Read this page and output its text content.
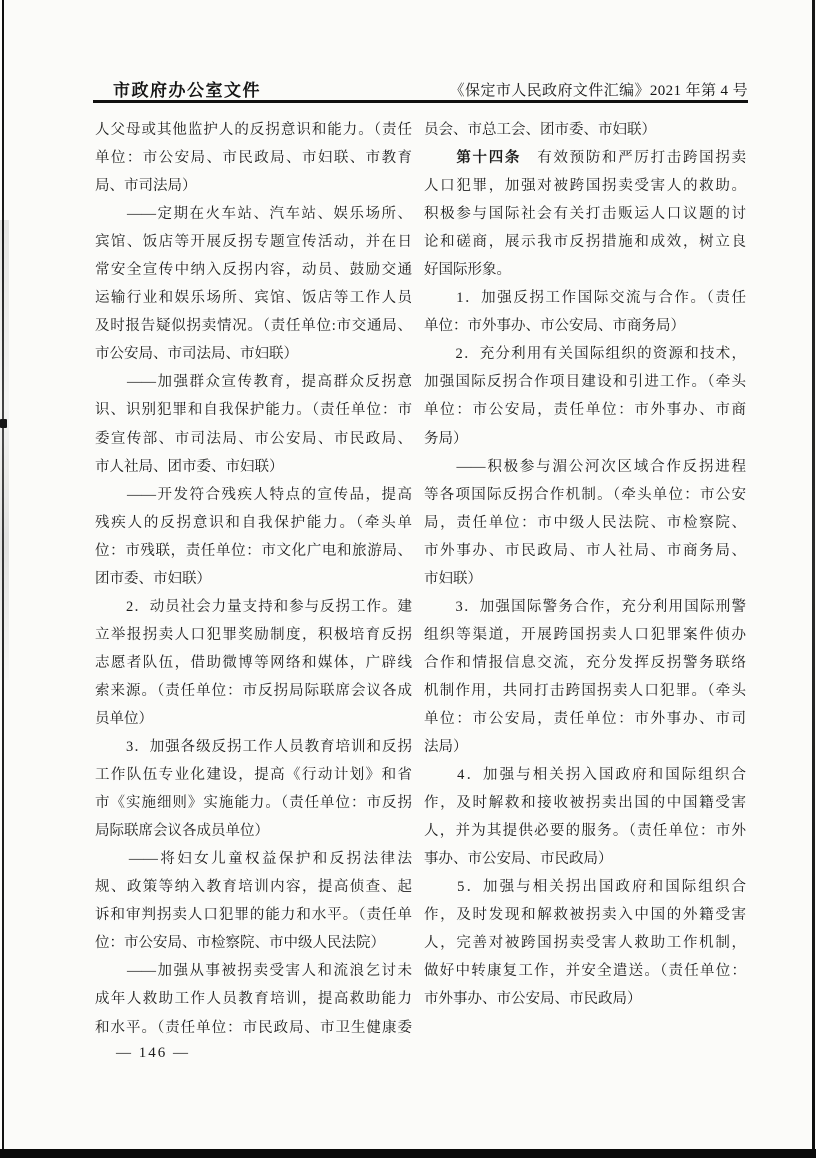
市政府办公室文件	《保定市人民政府文件汇编》2021 年第 4 号
人父母或其他监护人的反拐意识和能力。（责任
单位：市公安局、市民政局、市妇联、市教育
局、市司法局）
　　——定期在火车站、汽车站、娱乐场所、
宾馆、饭店等开展反拐专题宣传活动，并在日
常安全宣传中纳入反拐内容，动员、鼓励交通
运输行业和娱乐场所、宾馆、饭店等工作人员
及时报告疑似拐卖情况。（责任单位:市交通局、
市公安局、市司法局、市妇联）
　　——加强群众宣传教育，提高群众反拐意
识、识别犯罪和自我保护能力。（责任单位：市
委宣传部、市司法局、市公安局、市民政局、
市人社局、团市委、市妇联）
　　——开发符合残疾人特点的宣传品，提高
残疾人的反拐意识和自我保护能力。（牵头单
位：市残联，责任单位：市文化广电和旅游局、
团市委、市妇联）
　　2．动员社会力量支持和参与反拐工作。建
立举报拐卖人口犯罪奖励制度，积极培育反拐
志愿者队伍，借助微博等网络和媒体，广辟线
索来源。（责任单位：市反拐局际联席会议各成
员单位）
　　3．加强各级反拐工作人员教育培训和反拐
工作队伍专业化建设，提高《行动计划》和省
市《实施细则》实施能力。（责任单位：市反拐
局际联席会议各成员单位）
　　——将妇女儿童权益保护和反拐法律法
规、政策等纳入教育培训内容，提高侦查、起
诉和审判拐卖人口犯罪的能力和水平。（责任单
位：市公安局、市检察院、市中级人民法院）
　　——加强从事被拐卖受害人和流浪乞讨未
成年人救助工作人员教育培训，提高救助能力
和水平。（责任单位：市民政局、市卫生健康委
员会、市总工会、团市委、市妇联）
　　第十四条　有效预防和严厉打击跨国拐卖
人口犯罪，加强对被跨国拐卖受害人的救助。
积极参与国际社会有关打击贩运人口议题的讨
论和磋商，展示我市反拐措施和成效，树立良
好国际形象。
　　1．加强反拐工作国际交流与合作。（责任
单位：市外事办、市公安局、市商务局）
　　2．充分利用有关国际组织的资源和技术，
加强国际反拐合作项目建设和引进工作。（牵头
单位：市公安局，责任单位：市外事办、市商
务局）
　　——积极参与湄公河次区域合作反拐进程
等各项国际反拐合作机制。（牵头单位：市公安
局，责任单位：市中级人民法院、市检察院、
市外事办、市民政局、市人社局、市商务局、
市妇联）
　　3．加强国际警务合作，充分利用国际刑警
组织等渠道，开展跨国拐卖人口犯罪案件侦办
合作和情报信息交流，充分发挥反拐警务联络
机制作用，共同打击跨国拐卖人口犯罪。（牵头
单位：市公安局，责任单位：市外事办、市司
法局）
　　4．加强与相关拐入国政府和国际组织合
作，及时解救和接收被拐卖出国的中国籍受害
人，并为其提供必要的服务。（责任单位：市外
事办、市公安局、市民政局）
　　5．加强与相关拐出国政府和国际组织合
作，及时发现和解救被拐卖入中国的外籍受害
人，完善对被跨国拐卖受害人救助工作机制，
做好中转康复工作，并安全遣送。（责任单位：
市外事办、市公安局、市民政局）
— 146 —
